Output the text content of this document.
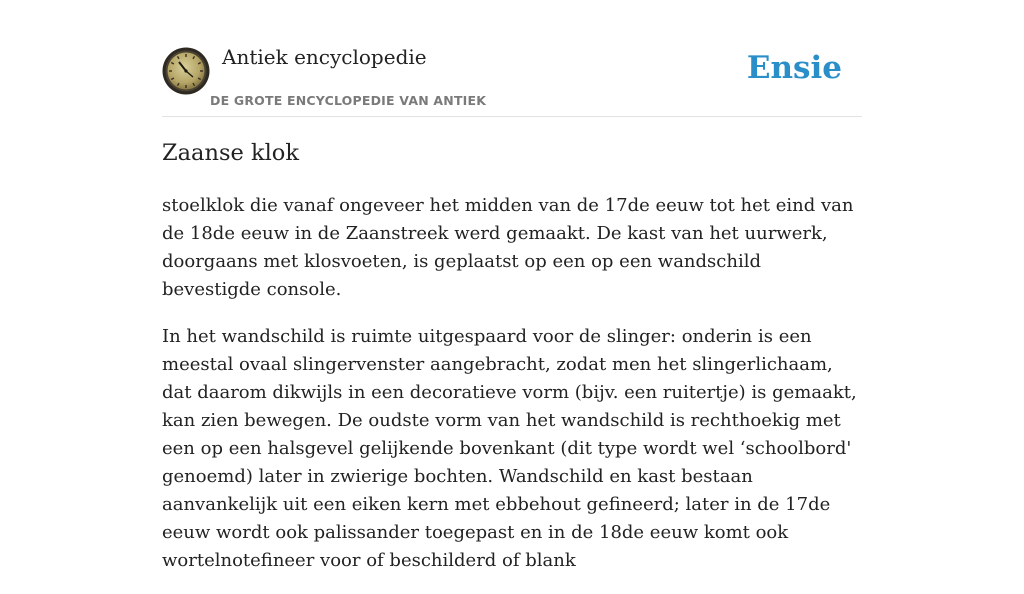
Antiek encyclopedie
DE GROTE ENCYCLOPEDIE VAN ANTIEK
Ensie
Zaanse klok

stoelklok die vanaf ongeveer het midden van de 17de eeuw tot het eind van de 18de eeuw in de Zaanstreek werd gemaakt. De kast van het uurwerk, doorgaans met klosvoeten, is geplaatst op een op een wandschild bevestigde console.

In het wandschild is ruimte uitgespaard voor de slinger: onderin is een meestal ovaal slingervenster aangebracht, zodat men het slingerlichaam, dat daarom dikwijls in een decoratieve vorm (bijv. een ruitertje) is gemaakt, kan zien bewegen. De oudste vorm van het wandschild is rechthoekig met een op een halsgevel gelijkende bovenkant (dit type wordt wel ‘schoolbord' genoemd) later in zwierige bochten. Wandschild en kast bestaan aanvankelijk uit een eiken kern met ebbehout gefineerd; later in de 17de eeuw wordt ook palissander toegepast en in de 18de eeuw komt ook wortelnotefineer voor of beschilderd of blank
